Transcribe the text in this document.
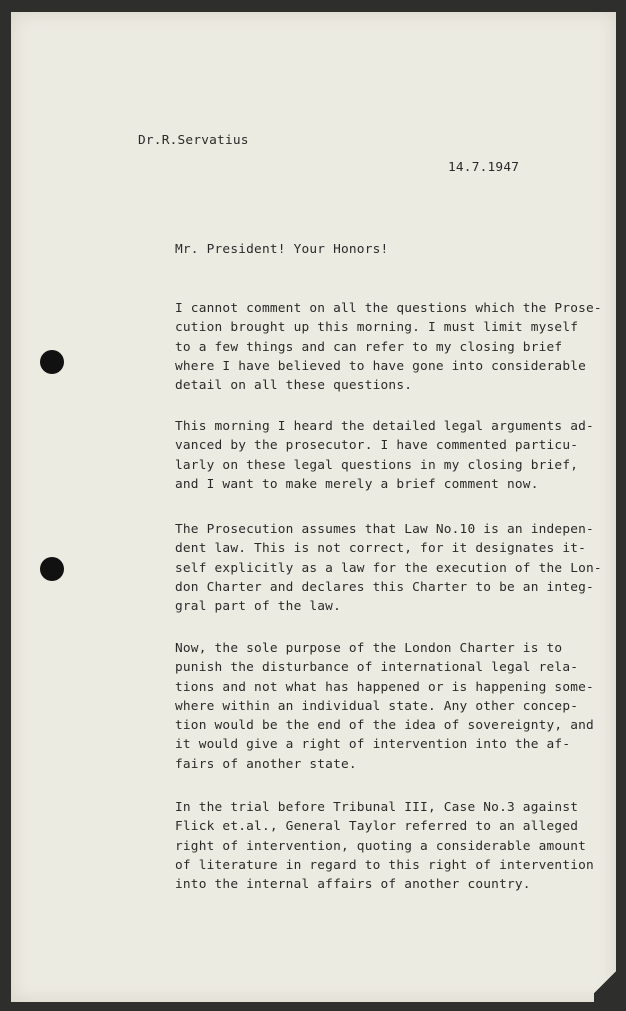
Dr.R.Servatius

14.7.1947

Mr. President! Your Honors!

I cannot comment on all the questions which the Prose-
cution brought up this morning. I must limit myself
to a few things and can refer to my closing brief
where I have believed to have gone into considerable
detail on all these questions.
This morning I heard the detailed legal arguments ad-
vanced by the prosecutor. I have commented particu-
larly on these legal questions in my closing brief,
and I want to make merely a brief comment now.
The Prosecution assumes that Law No.10 is an indepen-
dent law. This is not correct, for it designates it-
self explicitly as a law for the execution of the Lon-
don Charter and declares this Charter to be an integ-
gral part of the law.
Now, the sole purpose of the London Charter is to
punish the disturbance of international legal rela-
tions and not what has happened or is happening some-
where within an individual state. Any other concep-
tion would be the end of the idea of sovereignty, and
it would give a right of intervention into the af-
fairs of another state.
In the trial before Tribunal III, Case No.3 against
Flick et.al., General Taylor referred to an alleged
right of intervention, quoting a considerable amount
of literature in regard to this right of intervention
into the internal affairs of another country.
